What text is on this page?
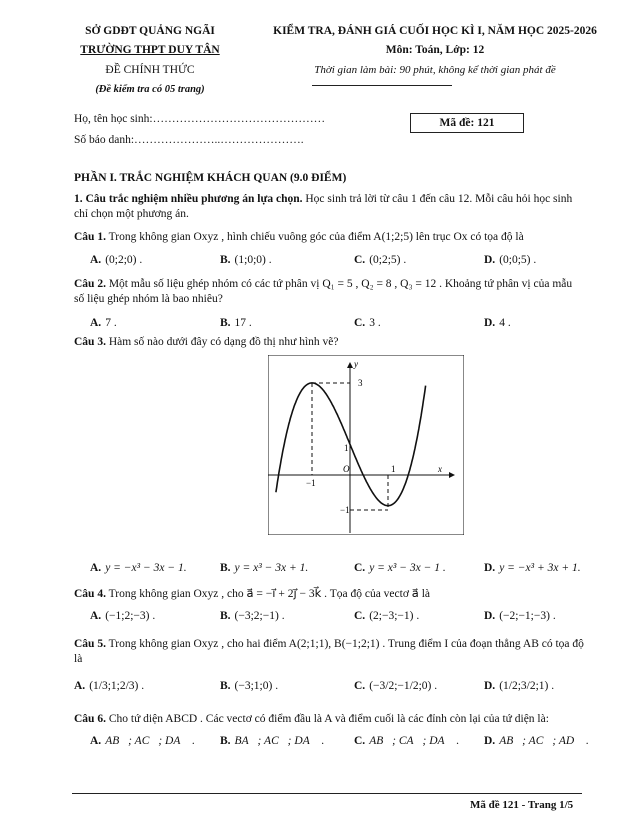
SỞ GDĐT QUẢNG NGÃI
TRƯỜNG THPT DUY TÂN
ĐỀ CHÍNH THỨC
(Đề kiểm tra có 05 trang)
KIỂM TRA, ĐÁNH GIÁ CUỐI HỌC KÌ I, NĂM HỌC 2025-2026
Môn: Toán, Lớp: 12
Thời gian làm bài: 90 phút, không kể thời gian phát đề
Họ, tên học sinh:………………………………………
Số báo danh:…………………..………………….
Mã đề: 121
PHẦN I. TRẮC NGHIỆM KHÁCH QUAN (9.0 ĐIỂM)
1. Câu trắc nghiệm nhiều phương án lựa chọn. Học sinh trả lời từ câu 1 đến câu 12. Mỗi câu hỏi học sinh chỉ chọn một phương án.
Câu 1. Trong không gian Oxyz , hình chiếu vuông góc của điểm A(1;2;5) lên trục Ox có tọa độ là
A. (0;2;0) .	B. (1;0;0) .	C. (0;2;5) .	D. (0;0;5) .
Câu 2. Một mẫu số liệu ghép nhóm có các tứ phân vị Q₁ = 5 , Q₂ = 8 , Q₃ = 12 . Khoảng tứ phân vị của mẫu số liệu ghép nhóm là bao nhiêu?
A. 7 .	B. 17 .	C. 3 .	D. 4 .
Câu 3. Hàm số nào dưới đây có dạng đồ thị như hình vẽ?
y
x
O
3
1
−1
−1
1
A. y = −x³ − 3x − 1.	B. y = x³ − 3x + 1.	C. y = x³ − 3x − 1 .	D. y = −x³ + 3x + 1.
Câu 4. Trong không gian Oxyz , cho a⃗ = −i⃗ + 2j⃗ − 3k⃗ . Tọa độ của vectơ a⃗ là
A. (−1;2;−3) .	B. (−3;2;−1) .	C. (2;−3;−1) .	D. (−2;−1;−3) .
Câu 5. Trong không gian Oxyz , cho hai điểm A(2;1;1), B(−1;2;1) . Trung điểm I của đoạn thẳng AB có tọa độ là
A. (1/3;1;2/3) .	B. (−3;1;0) .	C. (−3/2;−1/2;0) .	D. (1/2;3/2;1) .
Câu 6. Cho tứ diện ABCD . Các vectơ có điểm đầu là A và điểm cuối là các đỉnh còn lại của tứ diện là:
A. AB⃗; AC⃗; DA⃗ . B. BA⃗; AC⃗; DA⃗ .	C. AB⃗; CA⃗; DA⃗ . D. AB⃗; AC⃗; AD⃗ .
Mã đề 121 - Trang 1/5
